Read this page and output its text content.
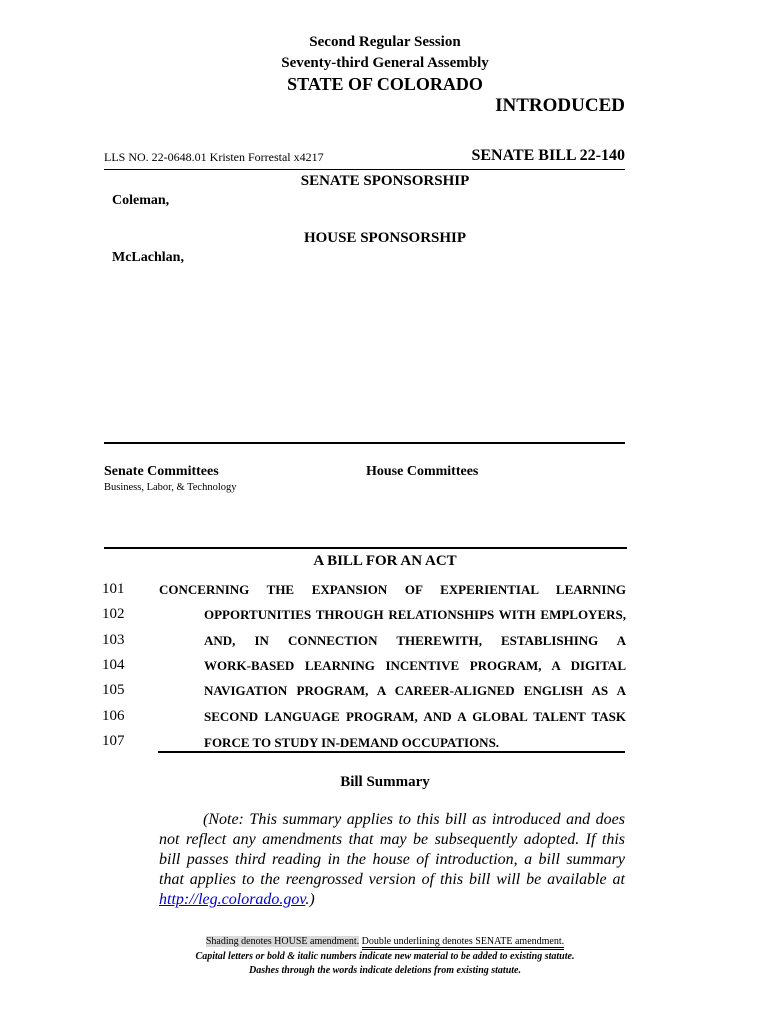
Second Regular Session
Seventy-third General Assembly
STATE OF COLORADO
INTRODUCED
LLS NO. 22-0648.01 Kristen Forrestal x4217	SENATE BILL 22-140
SENATE SPONSORSHIP
Coleman,
HOUSE SPONSORSHIP
McLachlan,
Senate Committees
Business, Labor, & Technology
House Committees
A BILL FOR AN ACT
101	CONCERNING THE EXPANSION OF EXPERIENTIAL LEARNING
102	OPPORTUNITIES THROUGH RELATIONSHIPS WITH EMPLOYERS,
103	AND, IN CONNECTION THEREWITH, ESTABLISHING A
104	WORK-BASED LEARNING INCENTIVE PROGRAM, A DIGITAL
105	NAVIGATION PROGRAM, A CAREER-ALIGNED ENGLISH AS A
106	SECOND LANGUAGE PROGRAM, AND A GLOBAL TALENT TASK
107	FORCE TO STUDY IN-DEMAND OCCUPATIONS.
Bill Summary
(Note: This summary applies to this bill as introduced and does not reflect any amendments that may be subsequently adopted. If this bill passes third reading in the house of introduction, a bill summary that applies to the reengrossed version of this bill will be available at http://leg.colorado.gov.)
Shading denotes HOUSE amendment. Double underlining denotes SENATE amendment.
Capital letters or bold & italic numbers indicate new material to be added to existing statute.
Dashes through the words indicate deletions from existing statute.
